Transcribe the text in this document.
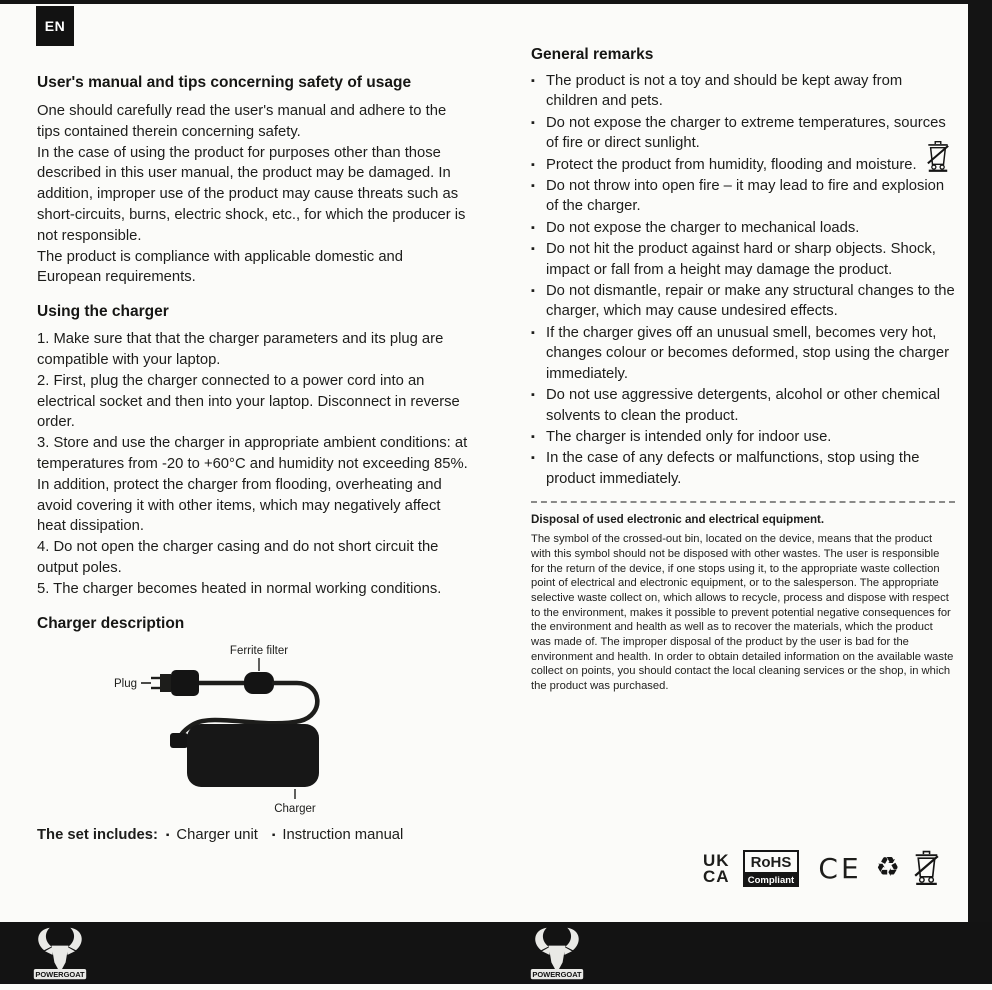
EN
User's manual and tips concerning safety of usage

One should carefully read the user's manual and adhere to the tips contained therein concerning safety.

In the case of using the product for purposes other than those described in this user manual, the product may be damaged. In addition, improper use of the product may cause threats such as short-circuits, burns, electric shock, etc., for which the producer is not responsible.

The product is compliance with applicable domestic and European requirements.

Using the charger

1. Make sure that that the charger parameters and its plug are compatible with your laptop.

2. First, plug the charger connected to a power cord into an electrical socket and then into your laptop. Disconnect in reverse order.

3. Store and use the charger in appropriate ambient conditions: at temperatures from -20 to +60°C and humidity not exceeding 85%. In addition, protect the charger from flooding, overheating and avoid covering it with other items, which may negatively affect heat dissipation.

4. Do not open the charger casing and do not short circuit the output poles.

5. The charger becomes heated in normal working conditions.

Charger description
Ferrite filter
Plug
Charger
The set includes:	▪ Charger unit	▪ Instruction manual
General remarks
▪ The product is not a toy and should be kept away from children and pets.
▪ Do not expose the charger to extreme temperatures, sources of fire or direct sunlight.
▪ Protect the product from humidity, flooding and moisture.
▪ Do not throw into open fire – it may lead to fire and explosion of the charger.
▪ Do not expose the charger to mechanical loads.
▪ Do not hit the product against hard or sharp objects. Shock, impact or fall from a height may damage the product.
▪ Do not dismantle, repair or make any structural changes to the charger, which may cause undesired effects.
▪ If the charger gives off an unusual smell, becomes very hot, changes colour or becomes deformed, stop using the charger immediately.
▪ Do not use aggressive detergents, alcohol or other chemical solvents to clean the product.
▪ The charger is intended only for indoor use.
▪ In the case of any defects or malfunctions, stop using the product immediately.

Disposal of used electronic and electrical equipment.

The symbol of the crossed-out bin, located on the device, means that the product with this symbol should not be disposed with other wastes. The user is responsible for the return of the device, if one stops using it, to the appropriate waste collection point of electrical and electronic equipment, or to the salesperson. The appropriate selective waste collect on, which allows to recycle, process and dispose with respect to the environment, makes it possible to prevent potential negative consequences for the environment and health as well as to recover the materials, which the product was made of. The improper disposal of the product by the user is bad for the environment and health. In order to obtain detailed information on the available waste collect on points, you should contact the local cleaning services or the shop, in which the product was purchased.

UK
CA
RoHS
Compliant CE ♻
POWERGOAT	POWERGOAT
